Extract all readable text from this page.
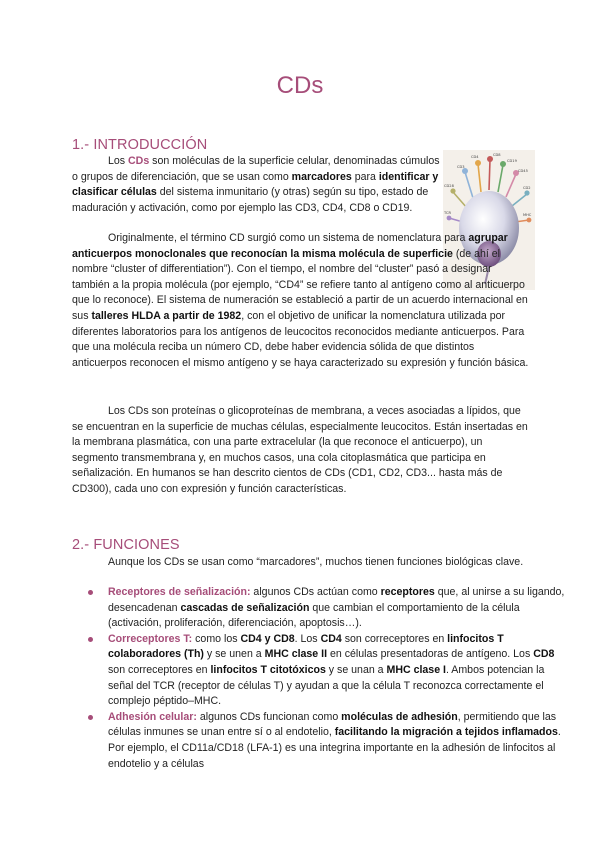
CDs
1.- INTRODUCCIÓN
CD3
CD4	CD8
CD19
CD45
CD28	CD2
TCR	MHC

Los CDs son moléculas de la superficie celular, denominadas cúmulos o grupos de diferenciación, que se usan como marcadores para identificar y clasificar células del sistema inmunitario (y otras) según su tipo, estado de maduración y activación, como por ejemplo las CD3, CD4, CD8 o CD19.

Originalmente, el término CD surgió como un sistema de nomenclatura para agrupar anticuerpos monoclonales que reconocían la misma molécula de superficie (de ahí el nombre “cluster of differentiation”). Con el tiempo, el nombre del “cluster” pasó a designar también a la propia molécula (por ejemplo, “CD4” se refiere tanto al antígeno como al anticuerpo que lo reconoce). El sistema de numeración se estableció a partir de un acuerdo internacional en sus talleres HLDA a partir de 1982, con el objetivo de unificar la nomenclatura utilizada por diferentes laboratorios para los antígenos de leucocitos reconocidos mediante anticuerpos. Para que una molécula reciba un número CD, debe haber evidencia sólida de que distintos anticuerpos reconocen el mismo antígeno y se haya caracterizado su expresión y función básica.

Los CDs son proteínas o glicoproteínas de membrana, a veces asociadas a lípidos, que se encuentran en la superficie de muchas células, especialmente leucocitos. Están insertadas en la membrana plasmática, con una parte extracelular (la que reconoce el anticuerpo), un segmento transmembrana y, en muchos casos, una cola citoplasmática que participa en señalización. En humanos se han descrito cientos de CDs (CD1, CD2, CD3... hasta más de CD300), cada uno con expresión y función características.

2.- FUNCIONES

Aunque los CDs se usan como “marcadores”, muchos tienen funciones biológicas clave.

Receptores de señalización: algunos CDs actúan como receptores que, al unirse a su ligando, desencadenan cascadas de señalización que cambian el comportamiento de la célula (activación, proliferación, diferenciación, apoptosis…).
Correceptores T: como los CD4 y CD8. Los CD4 son correceptores en linfocitos T colaboradores (Th) y se unen a MHC clase II en células presentadoras de antígeno. Los CD8 son correceptores en linfocitos T citotóxicos y se unan a MHC clase I. Ambos potencian la señal del TCR (receptor de células T) y ayudan a que la célula T reconozca correctamente el complejo péptido–MHC.
Adhesión celular: algunos CDs funcionan como moléculas de adhesión, permitiendo que las células inmunes se unan entre sí o al endotelio, facilitando la migración a tejidos inflamados. Por ejemplo, el CD11a/CD18 (LFA-1) es una integrina importante en la adhesión de linfocitos al endotelio y a células
